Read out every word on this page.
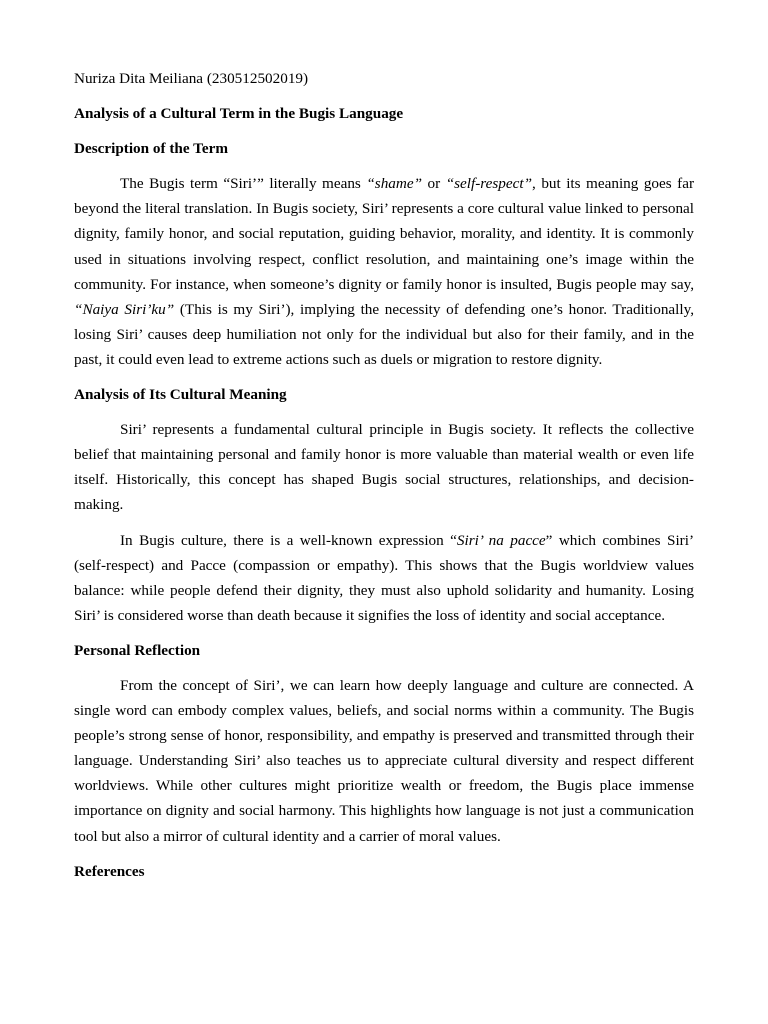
Nuriza Dita Meiliana (230512502019)

Analysis of a Cultural Term in the Bugis Language

Description of the Term

The Bugis term “Siri’” literally means “shame” or “self-respect”, but its meaning goes far beyond the literal translation. In Bugis society, Siri’ represents a core cultural value linked to personal dignity, family honor, and social reputation, guiding behavior, morality, and identity. It is commonly used in situations involving respect, conflict resolution, and maintaining one’s image within the community. For instance, when someone’s dignity or family honor is insulted, Bugis people may say, “Naiya Siri’ku” (This is my Siri’), implying the necessity of defending one’s honor. Traditionally, losing Siri’ causes deep humiliation not only for the individual but also for their family, and in the past, it could even lead to extreme actions such as duels or migration to restore dignity.

Analysis of Its Cultural Meaning

Siri’ represents a fundamental cultural principle in Bugis society. It reflects the collective belief that maintaining personal and family honor is more valuable than material wealth or even life itself. Historically, this concept has shaped Bugis social structures, relationships, and decision-making.

In Bugis culture, there is a well-known expression “Siri’ na pacce” which combines Siri’ (self-respect) and Pacce (compassion or empathy). This shows that the Bugis worldview values balance: while people defend their dignity, they must also uphold solidarity and humanity. Losing Siri’ is considered worse than death because it signifies the loss of identity and social acceptance.

Personal Reflection

From the concept of Siri’, we can learn how deeply language and culture are connected. A single word can embody complex values, beliefs, and social norms within a community. The Bugis people’s strong sense of honor, responsibility, and empathy is preserved and transmitted through their language. Understanding Siri’ also teaches us to appreciate cultural diversity and respect different worldviews. While other cultures might prioritize wealth or freedom, the Bugis place immense importance on dignity and social harmony. This highlights how language is not just a communication tool but also a mirror of cultural identity and a carrier of moral values.

References
